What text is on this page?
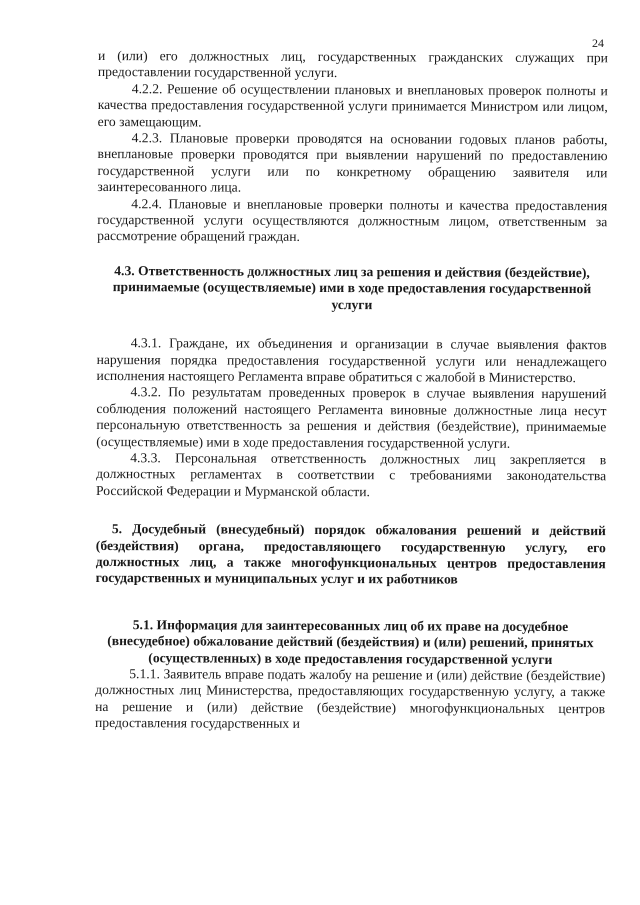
24

и (или) его должностных лиц, государственных гражданских служащих при предоставлении государственной услуги.

4.2.2. Решение об осуществлении плановых и внеплановых проверок полноты и качества предоставления государственной услуги принимается Министром или лицом, его замещающим.

4.2.3. Плановые проверки проводятся на основании годовых планов работы, внеплановые проверки проводятся при выявлении нарушений по предоставлению государственной услуги или по конкретному обращению заявителя или заинтересованного лица.

4.2.4. Плановые и внеплановые проверки полноты и качества предоставления государственной услуги осуществляются должностным лицом, ответственным за рассмотрение обращений граждан.

4.3. Ответственность должностных лиц за решения и действия (бездействие), принимаемые (осуществляемые) ими в ходе предоставления государственной услуги

4.3.1. Граждане, их объединения и организации в случае выявления фактов нарушения порядка предоставления государственной услуги или ненадлежащего исполнения настоящего Регламента вправе обратиться с жалобой в Министерство.

4.3.2. По результатам проведенных проверок в случае выявления нарушений соблюдения положений настоящего Регламента виновные должностные лица несут персональную ответственность за решения и действия (бездействие), принимаемые (осуществляемые) ими в ходе предоставления государственной услуги.

4.3.3. Персональная ответственность должностных лиц закрепляется в должностных регламентах в соответствии с требованиями законодательства Российской Федерации и Мурманской области.

5. Досудебный (внесудебный) порядок обжалования решений и действий (бездействия) органа, предоставляющего государственную услугу, его должностных лиц, а также многофункциональных центров предоставления государственных и муниципальных услуг и их работников
5.1. Информация для заинтересованных лиц об их праве на досудебное (внесудебное) обжалование действий (бездействия) и (или) решений, принятых (осуществленных) в ходе предоставления государственной услуги

5.1.1. Заявитель вправе подать жалобу на решение и (или) действие (бездействие) должностных лиц Министерства, предоставляющих государственную услугу, а также на решение и (или) действие (бездействие) многофункциональных центров предоставления государственных и
